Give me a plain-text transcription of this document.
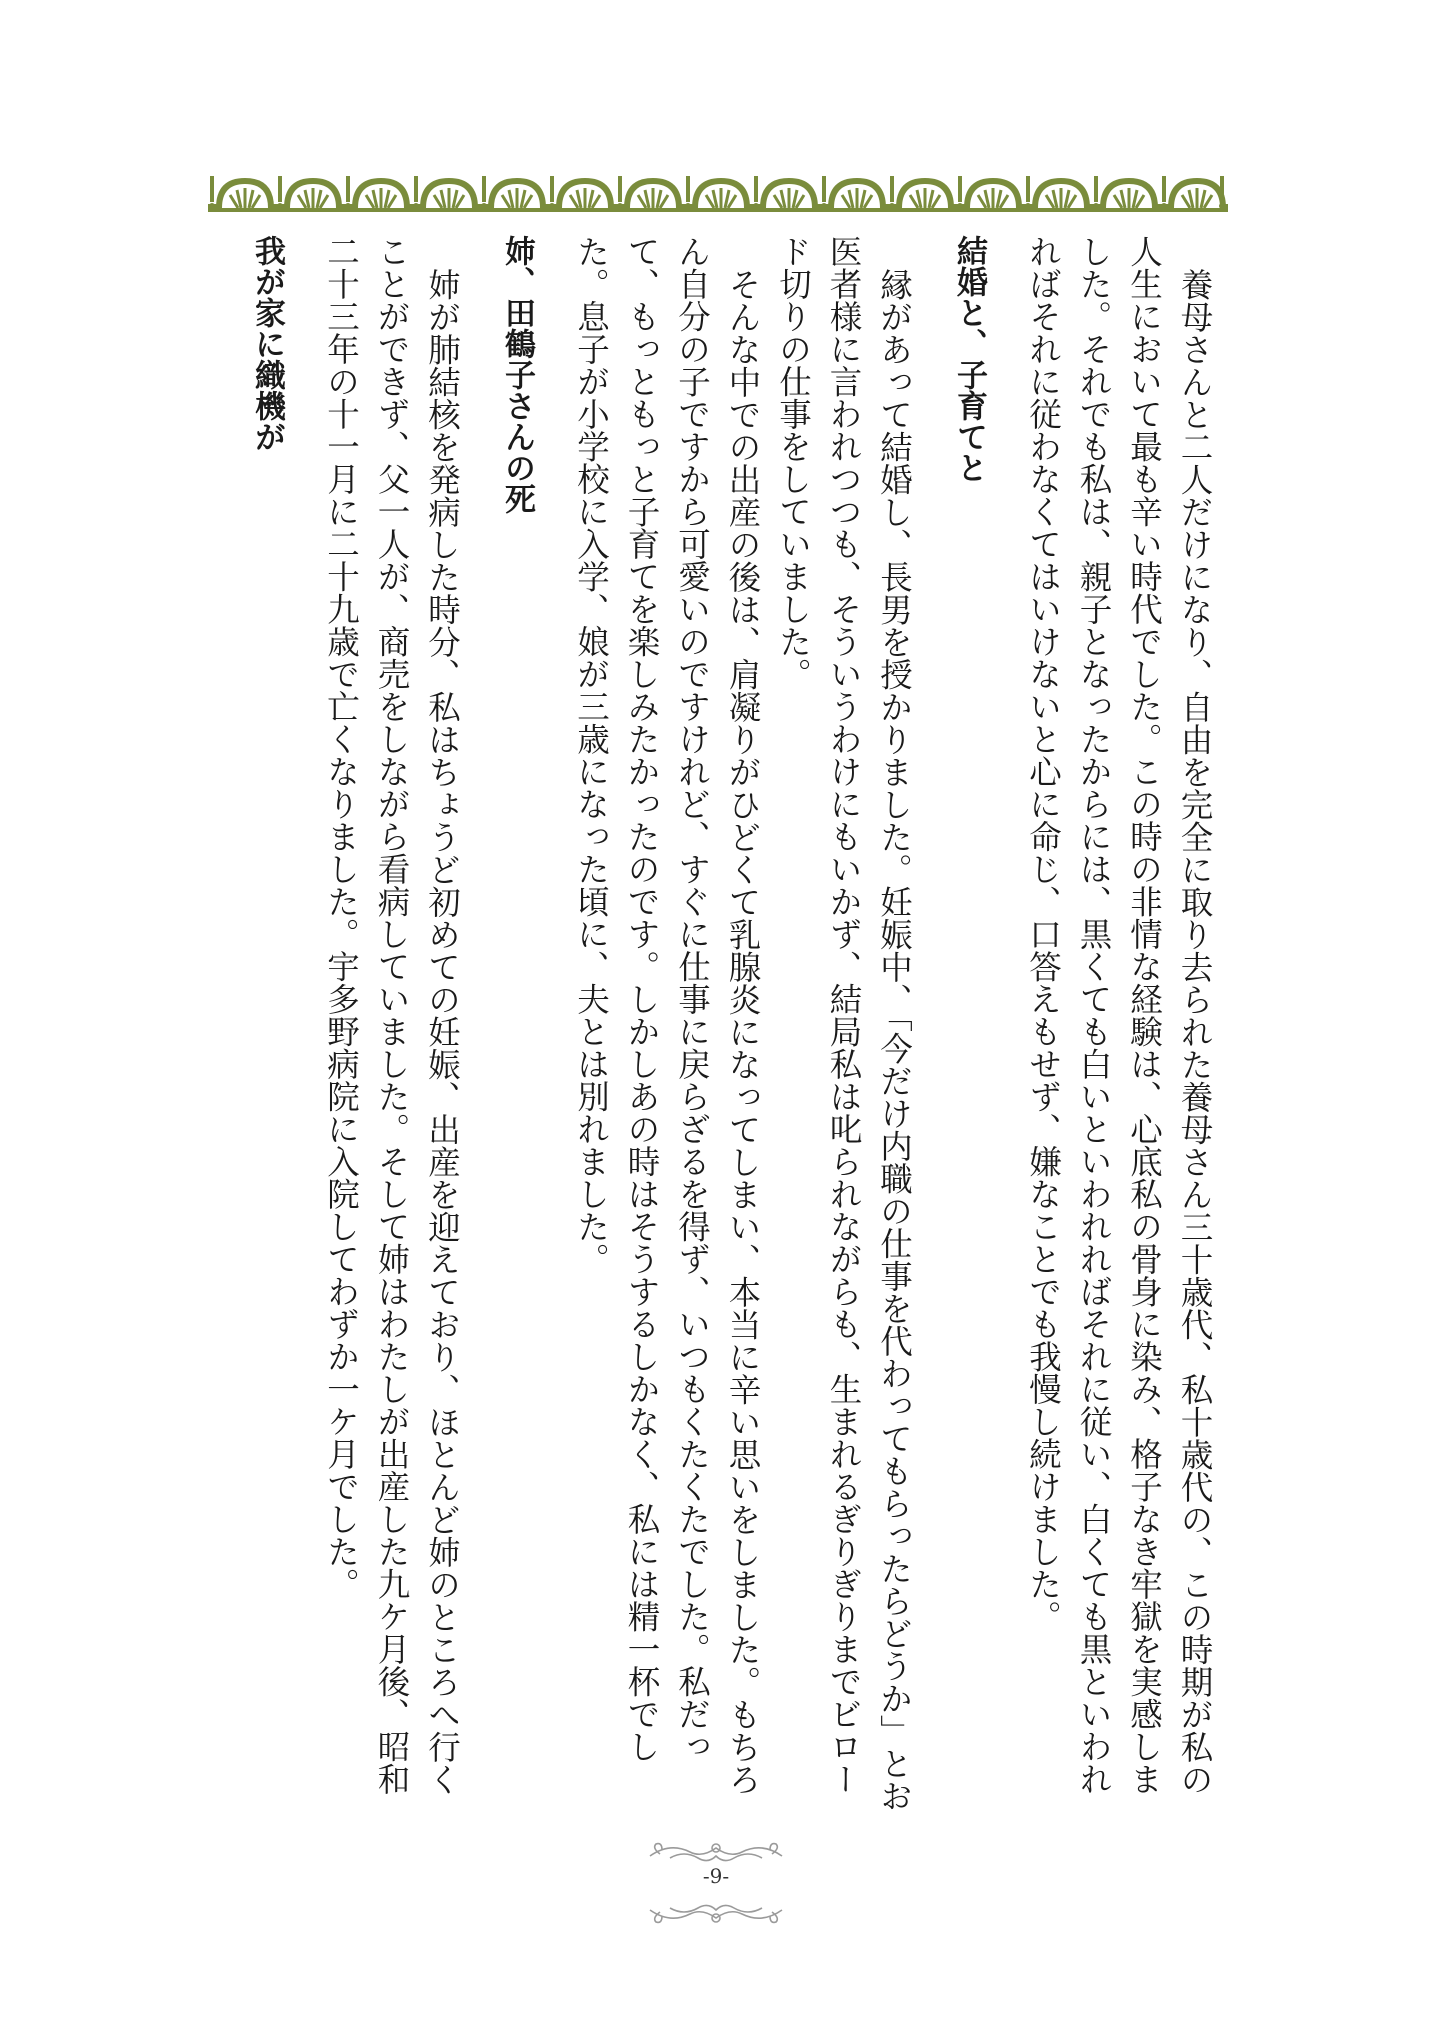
養母さんと二人だけになり、自由を完全に取り去られた養母さん三十歳代、私十歳代の、この時期が私の人生において最も辛い時代でした。この時の非情な経験は、心底私の骨身に染み、格子なき牢獄を実感しました。それでも私は、親子となったからには、黒くても白いといわれればそれに従い、白くても黒といわれればそれに従わなくてはいけないと心に命じ、口答えもせず、嫌なことでも我慢し続けました。

結婚と、子育てと

縁があって結婚し、長男を授かりました。妊娠中、「今だけ内職の仕事を代わってもらったらどうか」とお医者様に言われつつも、そういうわけにもいかず、結局私は叱られながらも、生まれるぎりぎりまでビロード切りの仕事をしていました。

そんな中での出産の後は、肩凝りがひどくて乳腺炎になってしまい、本当に辛い思いをしました。もちろん自分の子ですから可愛いのですけれど、すぐに仕事に戻らざるを得ず、いつもくたくたでした。私だって、もっともっと子育てを楽しみたかったのです。しかしあの時はそうするしかなく、私には精一杯でした。息子が小学校に入学、娘が三歳になった頃に、夫とは別れました。

姉、田鶴子さんの死

姉が肺結核を発病した時分、私はちょうど初めての妊娠、出産を迎えており、ほとんど姉のところへ行くことができず、父一人が、商売をしながら看病していました。そして姉はわたしが出産した九ケ月後、昭和二十三年の十一月に二十九歳で亡くなりました。宇多野病院に入院してわずか一ケ月でした。

我が家に織機が

-9-
